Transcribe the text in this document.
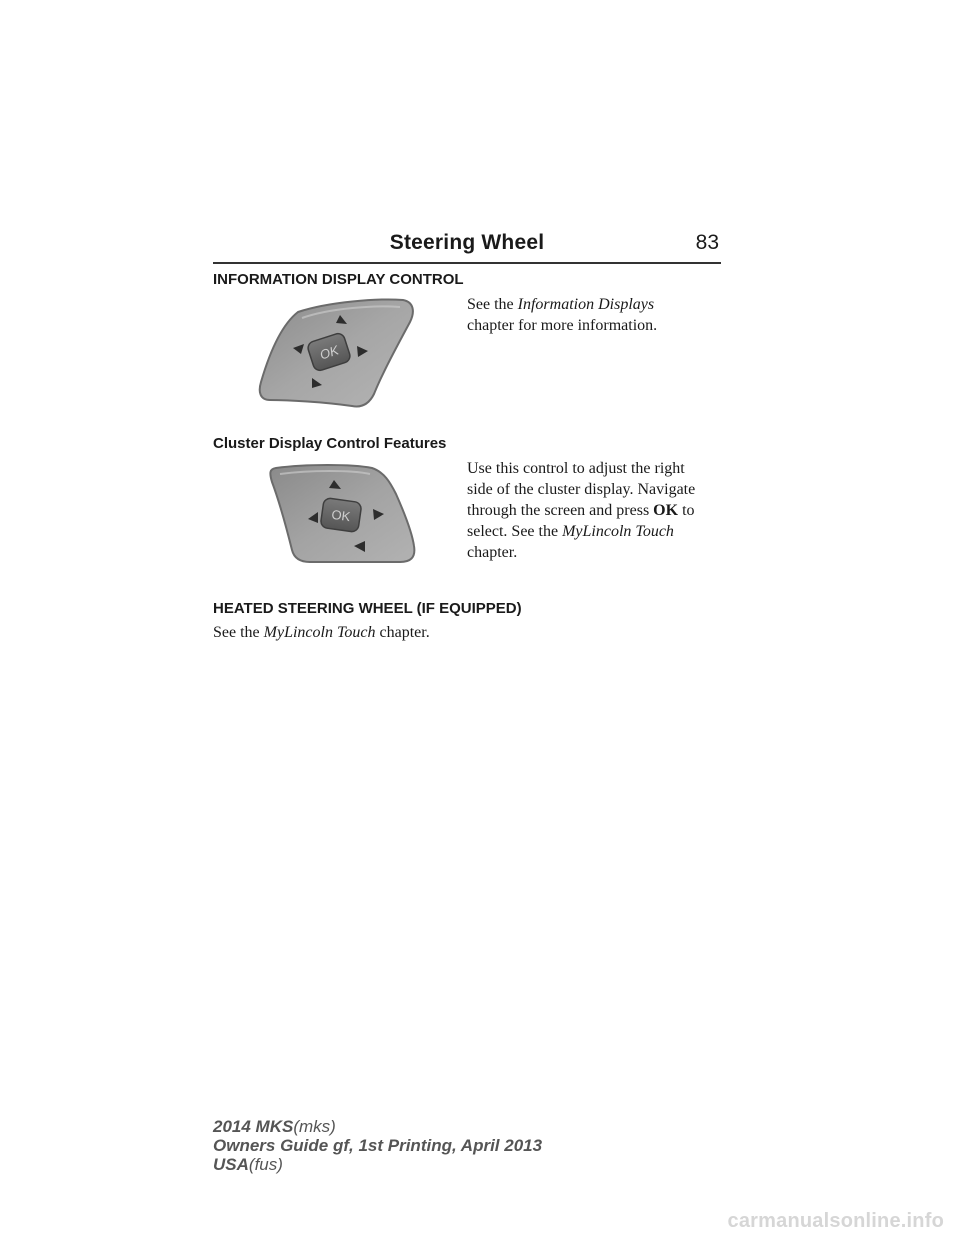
Steering Wheel	83
INFORMATION DISPLAY CONTROL
OK

See the Information Displays
chapter for more information.

Cluster Display Control Features
OK

Use this control to adjust the right
side of the cluster display. Navigate
through the screen and press OK to
select. See the MyLincoln Touch
chapter.

HEATED STEERING WHEEL (IF EQUIPPED)

See the MyLincoln Touch chapter.

2014 MKS(mks)
Owners Guide gf, 1st Printing, April 2013
USA(fus)
carmanualsonline.info
